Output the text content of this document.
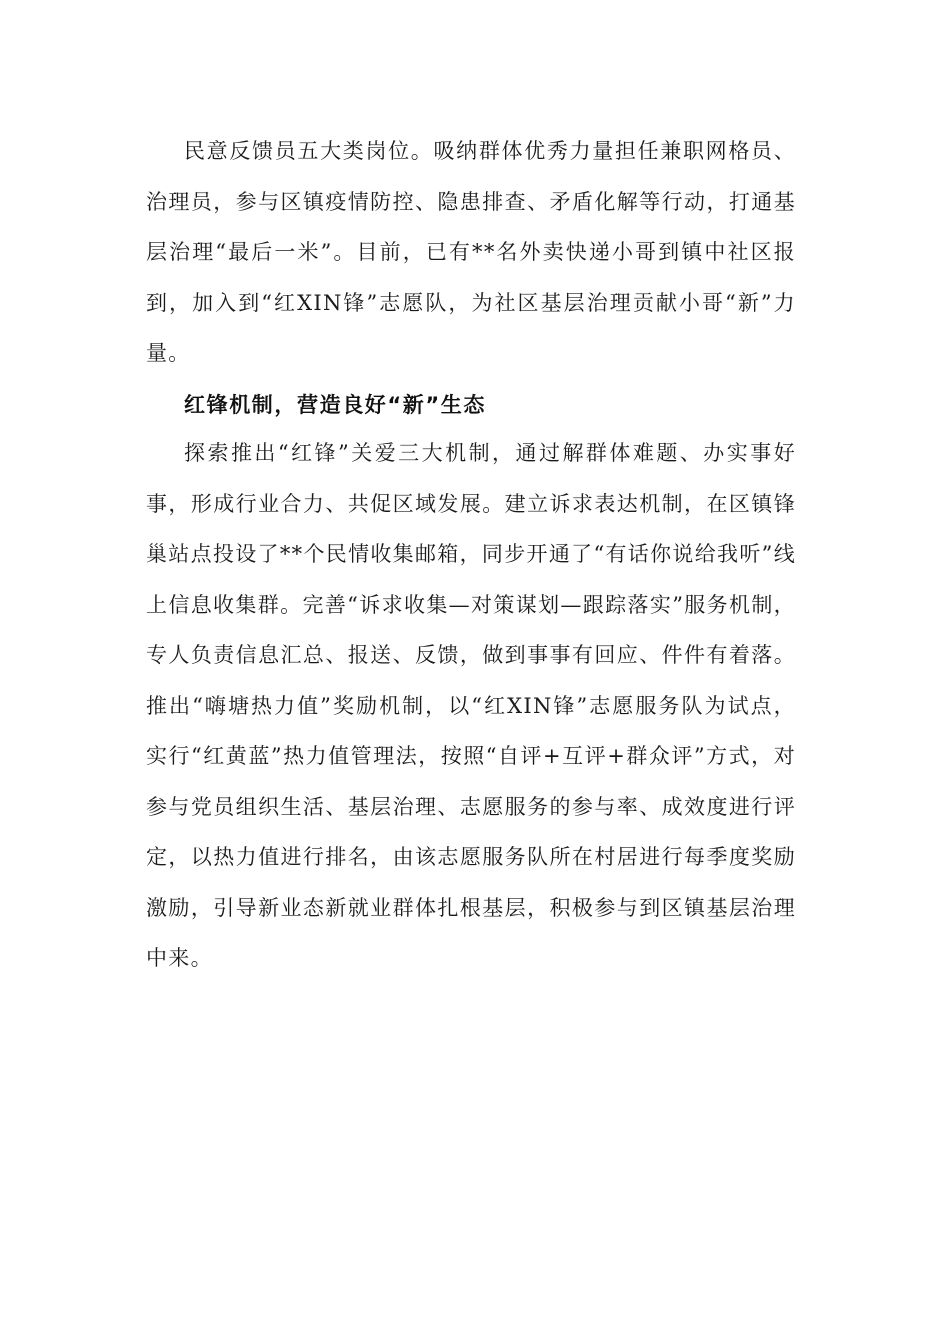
民意反馈员五大类岗位。吸纳群体优秀力量担任兼职网格员、治理员，参与区镇疫情防控、隐患排查、矛盾化解等行动，打通基层治理“最后一米”。目前，已有**名外卖快递小哥到镇中社区报到，加入到“红XIN锋”志愿队，为社区基层治理贡献小哥“新”力量。

红锋机制，营造良好“新”生态

探索推出“红锋”关爱三大机制，通过解群体难题、办实事好事，形成行业合力、共促区域发展。建立诉求表达机制，在区镇锋巢站点投设了**个民情收集邮箱，同步开通了“有话你说给我听”线上信息收集群。完善“诉求收集—对策谋划—跟踪落实”服务机制，专人负责信息汇总、报送、反馈，做到事事有回应、件件有着落。推出“嗨塘热力值”奖励机制，以“红XIN锋”志愿服务队为试点，实行“红黄蓝”热力值管理法，按照“自评+互评+群众评”方式，对参与党员组织生活、基层治理、志愿服务的参与率、成效度进行评定，以热力值进行排名，由该志愿服务队所在村居进行每季度奖励激励，引导新业态新就业群体扎根基层，积极参与到区镇基层治理中来。
